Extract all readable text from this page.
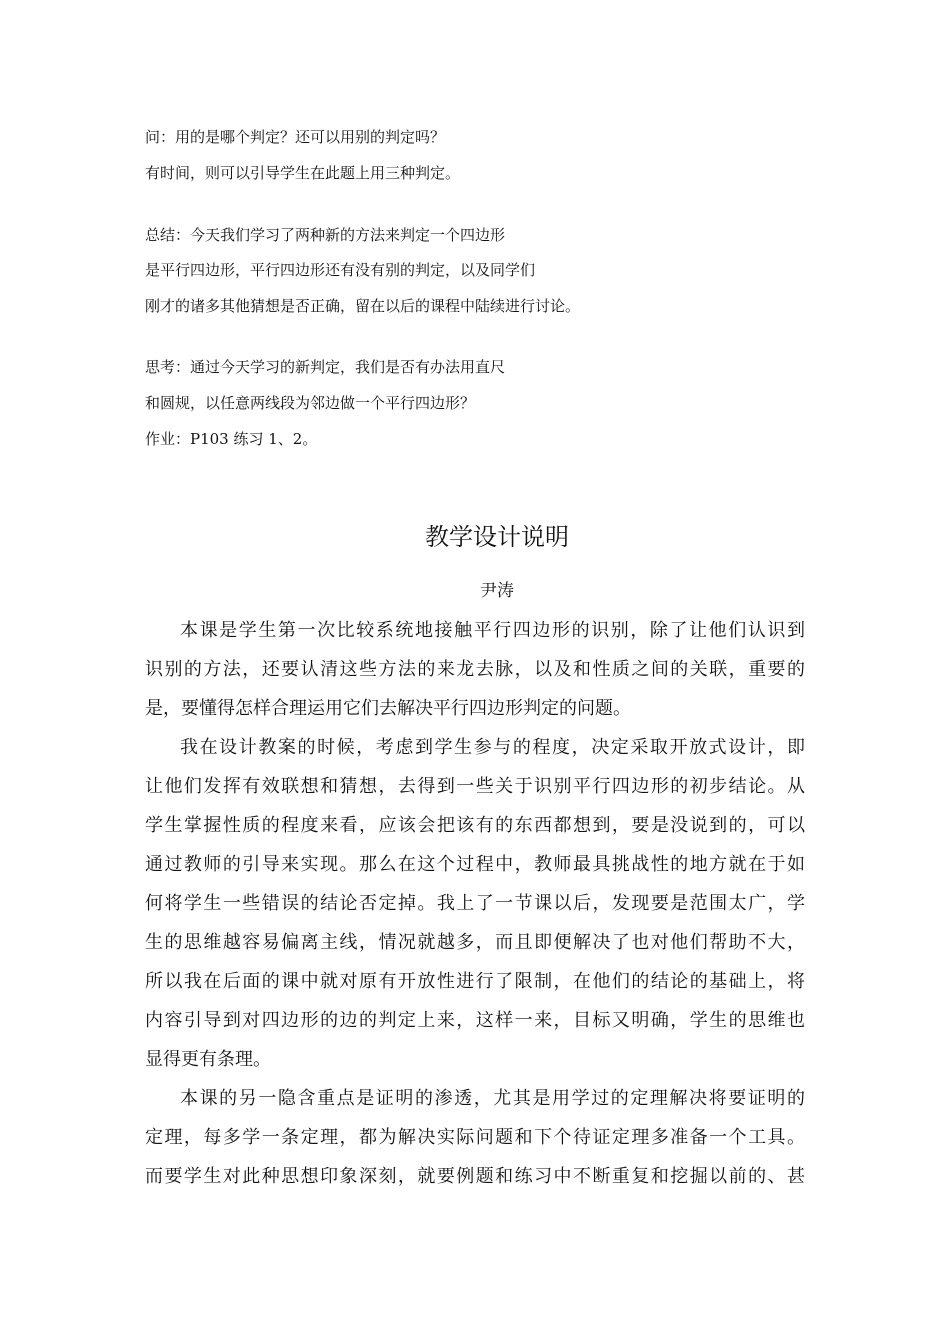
问：用的是哪个判定？还可以用别的判定吗？
有时间，则可以引导学生在此题上用三种判定。
总结：今天我们学习了两种新的方法来判定一个四边形
是平行四边形，平行四边形还有没有别的判定，以及同学们
刚才的诸多其他猜想是否正确，留在以后的课程中陆续进行讨论。
思考：通过今天学习的新判定，我们是否有办法用直尺
和圆规，以任意两线段为邻边做一个平行四边形？
作业：P103 练习 1、2。
教学设计说明
尹涛
本课是学生第一次比较系统地接触平行四边形的识别，除了让他们认识到
识别的方法，还要认清这些方法的来龙去脉，以及和性质之间的关联，重要的
是，要懂得怎样合理运用它们去解决平行四边形判定的问题。
我在设计教案的时候，考虑到学生参与的程度，决定采取开放式设计，即
让他们发挥有效联想和猜想，去得到一些关于识别平行四边形的初步结论。从
学生掌握性质的程度来看，应该会把该有的东西都想到，要是没说到的，可以
通过教师的引导来实现。那么在这个过程中，教师最具挑战性的地方就在于如
何将学生一些错误的结论否定掉。我上了一节课以后，发现要是范围太广，学
生的思维越容易偏离主线，情况就越多，而且即便解决了也对他们帮助不大，
所以我在后面的课中就对原有开放性进行了限制，在他们的结论的基础上，将
内容引导到对四边形的边的判定上来，这样一来，目标又明确，学生的思维也
显得更有条理。
本课的另一隐含重点是证明的渗透，尤其是用学过的定理解决将要证明的
定理，每多学一条定理，都为解决实际问题和下个待证定理多准备一个工具。
而要学生对此种思想印象深刻，就要例题和练习中不断重复和挖掘以前的、甚
